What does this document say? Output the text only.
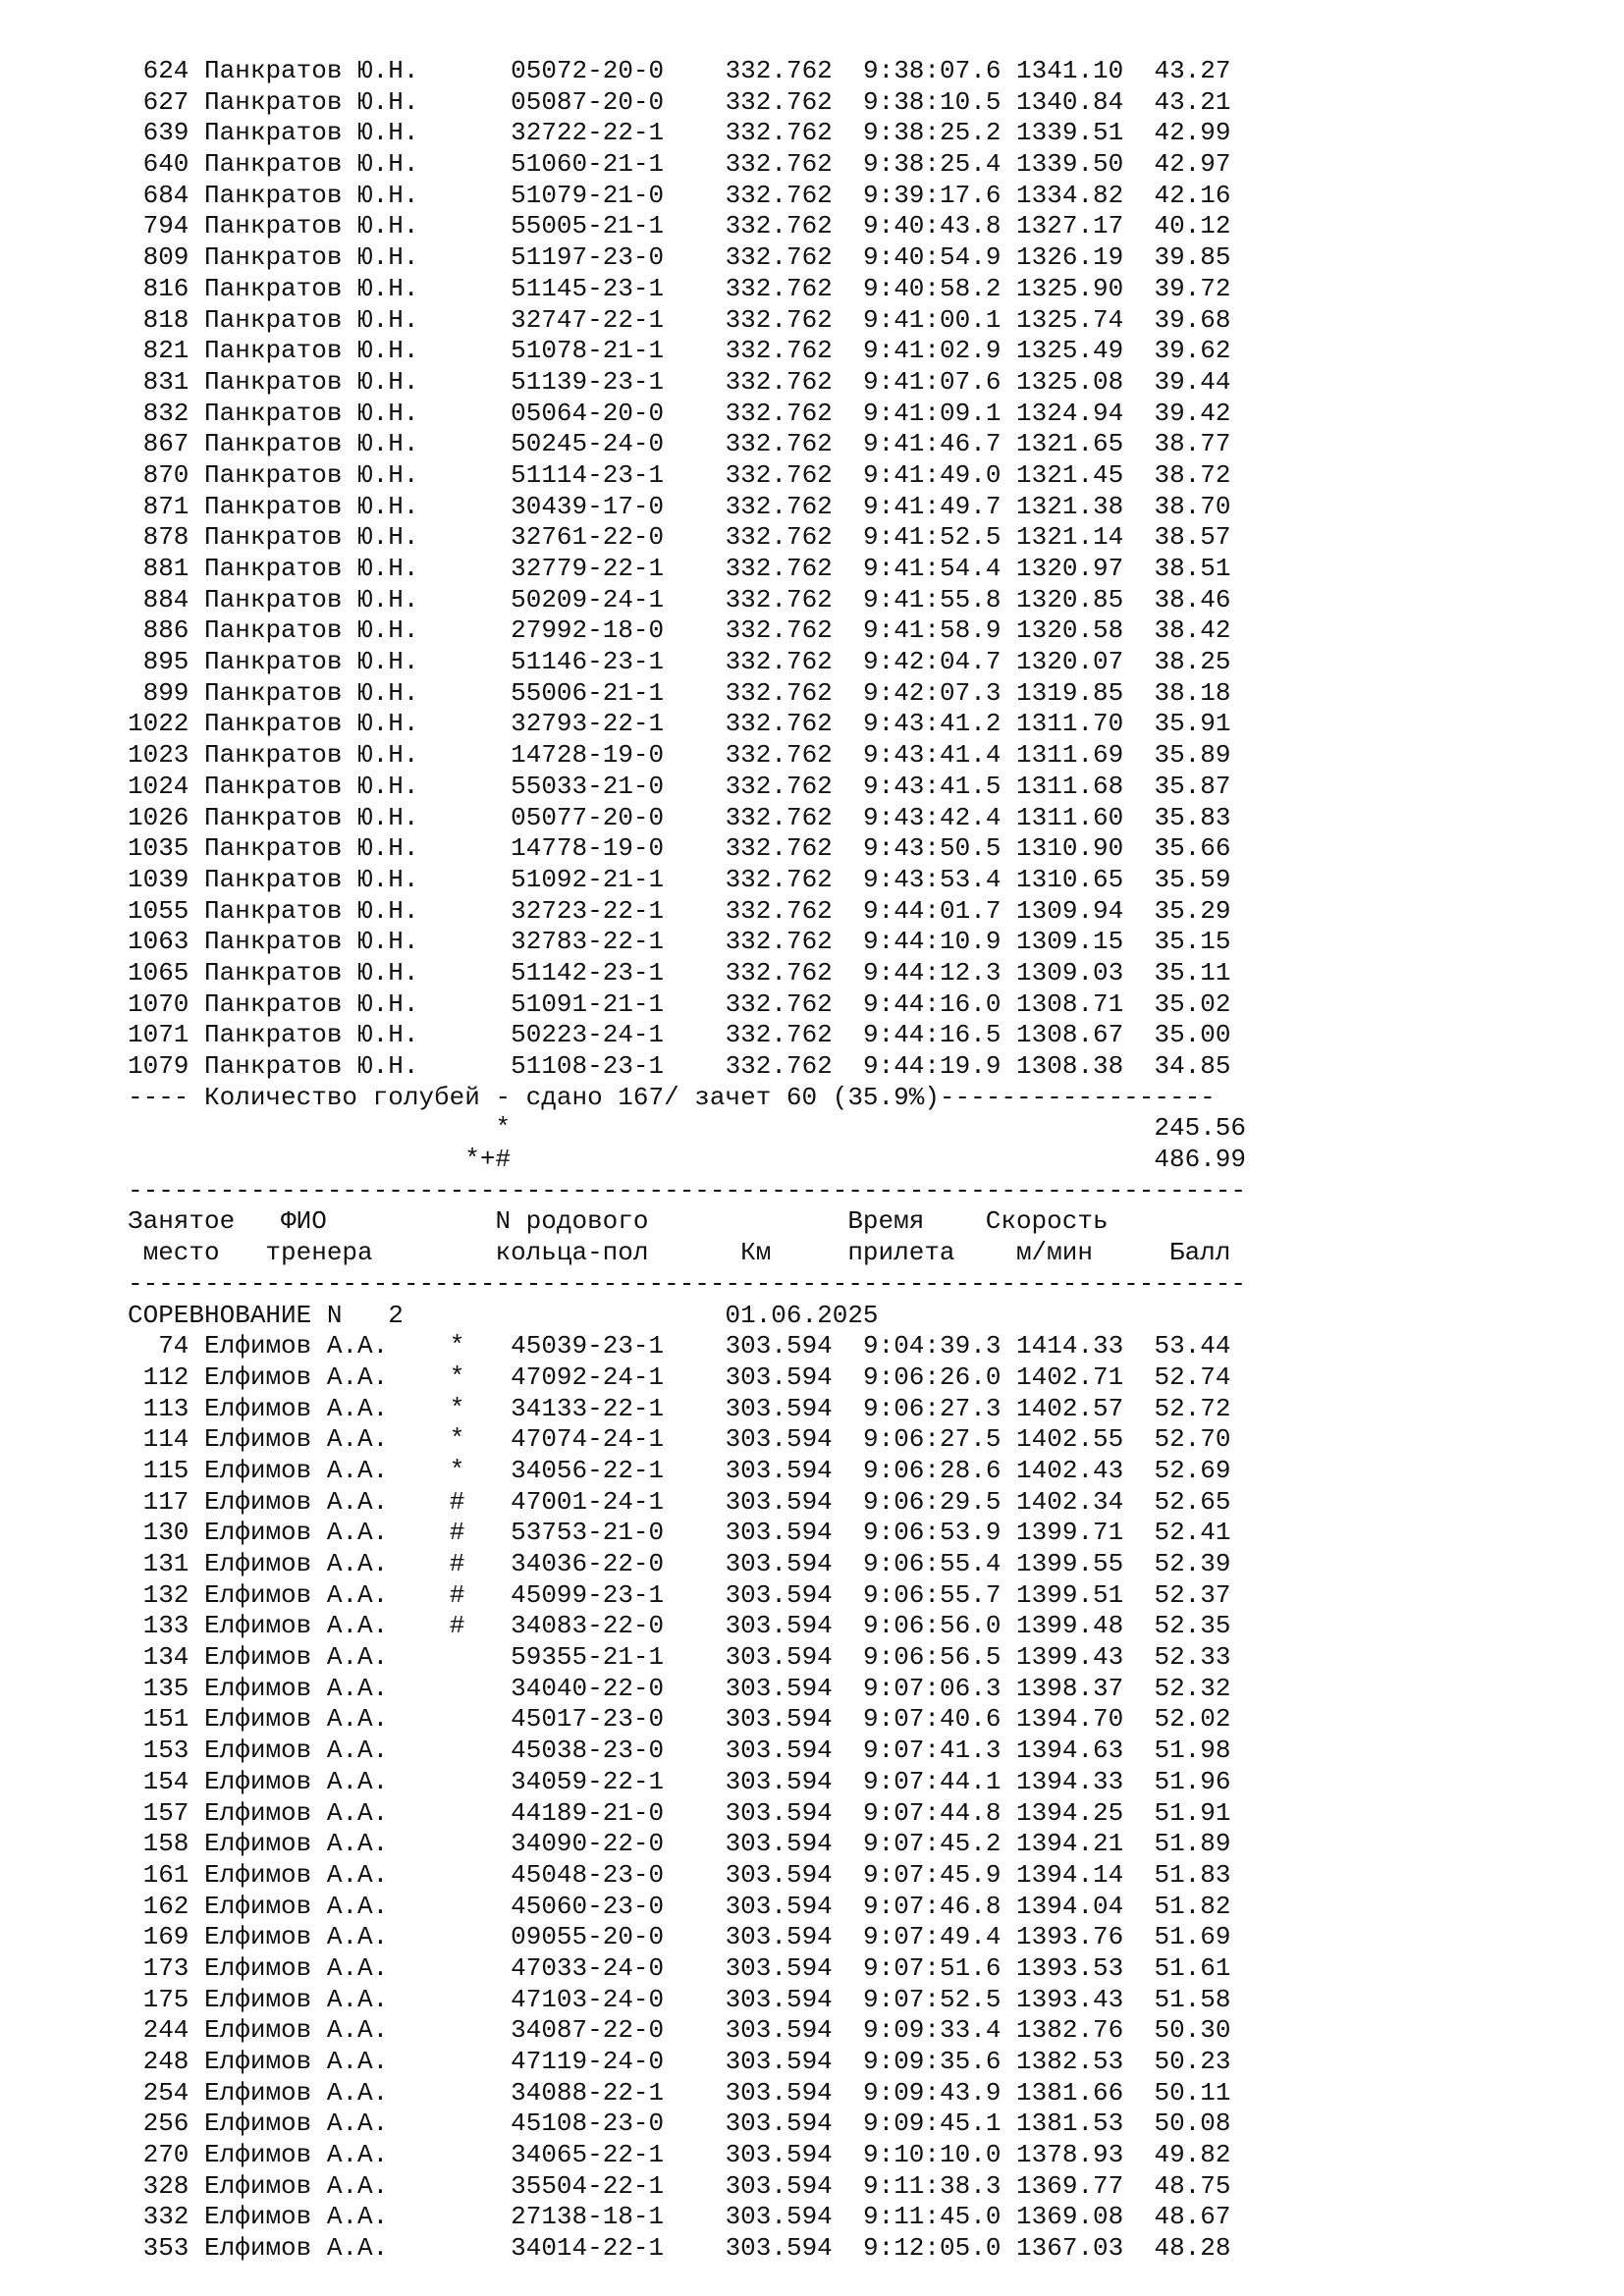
624 Панкратов Ю.Н.	05072-20-0 332.762 9:38:07.6 1341.10  43.27
627 Панкратов Ю.Н.	05087-20-0 332.762 9:38:10.5 1340.84  43.21
639 Панкратов Ю.Н.	32722-22-1 332.762 9:38:25.2 1339.51  42.99
640 Панкратов Ю.Н.	51060-21-1 332.762 9:38:25.4 1339.50  42.97
684 Панкратов Ю.Н.	51079-21-0 332.762 9:39:17.6 1334.82  42.16
794 Панкратов Ю.Н.	55005-21-1 332.762 9:40:43.8 1327.17  40.12
809 Панкратов Ю.Н.	51197-23-0 332.762 9:40:54.9 1326.19  39.85
816 Панкратов Ю.Н.	51145-23-1 332.762 9:40:58.2 1325.90  39.72
818 Панкратов Ю.Н.	32747-22-1 332.762 9:41:00.1 1325.74  39.68
821 Панкратов Ю.Н.	51078-21-1 332.762 9:41:02.9 1325.49  39.62
831 Панкратов Ю.Н.	51139-23-1 332.762 9:41:07.6 1325.08  39.44
832 Панкратов Ю.Н.	05064-20-0 332.762 9:41:09.1 1324.94  39.42
867 Панкратов Ю.Н.	50245-24-0 332.762 9:41:46.7 1321.65  38.77
870 Панкратов Ю.Н.	51114-23-1 332.762 9:41:49.0 1321.45  38.72
871 Панкратов Ю.Н.	30439-17-0 332.762 9:41:49.7 1321.38  38.70
878 Панкратов Ю.Н.	32761-22-0 332.762 9:41:52.5 1321.14  38.57
881 Панкратов Ю.Н.	32779-22-1 332.762 9:41:54.4 1320.97  38.51
884 Панкратов Ю.Н.	50209-24-1 332.762 9:41:55.8 1320.85  38.46
886 Панкратов Ю.Н.	27992-18-0 332.762 9:41:58.9 1320.58  38.42
895 Панкратов Ю.Н.	51146-23-1 332.762 9:42:04.7 1320.07  38.25
899 Панкратов Ю.Н.	55006-21-1 332.762 9:42:07.3 1319.85  38.18
1022 Панкратов Ю.Н.	32793-22-1 332.762 9:43:41.2 1311.70  35.91
1023 Панкратов Ю.Н.	14728-19-0 332.762 9:43:41.4 1311.69  35.89
1024 Панкратов Ю.Н.	55033-21-0 332.762 9:43:41.5 1311.68  35.87
1026 Панкратов Ю.Н.	05077-20-0 332.762 9:43:42.4 1311.60  35.83
1035 Панкратов Ю.Н.	14778-19-0 332.762 9:43:50.5 1310.90  35.66
1039 Панкратов Ю.Н.	51092-21-1 332.762 9:43:53.4 1310.65  35.59
1055 Панкратов Ю.Н.	32723-22-1 332.762 9:44:01.7 1309.94  35.29
1063 Панкратов Ю.Н.	32783-22-1 332.762 9:44:10.9 1309.15  35.15
1065 Панкратов Ю.Н.	51142-23-1 332.762 9:44:12.3 1309.03  35.11
1070 Панкратов Ю.Н.	51091-21-1 332.762 9:44:16.0 1308.71  35.02
1071 Панкратов Ю.Н.	50223-24-1 332.762 9:44:16.5 1308.67  35.00
1079 Панкратов Ю.Н.	51108-23-1 332.762 9:44:19.9 1308.38  34.85
---- Количество голубей - сдано 167/ зачет 60 (35.9%)------------------
*	245.56
*+#	486.99
-------------------------------------------------------------------------
Занятое   ФИО           N родового             Время    Скорость
место   тренера        кольца-пол      Км     прилета    м/мин     Балл
-------------------------------------------------------------------------
СОРЕВНОВАНИЕ N   2                     01.06.2025
74 Елфимов А.А.    * 45039-23-1 303.594 9:04:39.3 1414.33  53.44
112 Елфимов А.А.    * 47092-24-1 303.594 9:06:26.0 1402.71  52.74
113 Елфимов А.А.    * 34133-22-1 303.594 9:06:27.3 1402.57  52.72
114 Елфимов А.А.    * 47074-24-1 303.594 9:06:27.5 1402.55  52.70
115 Елфимов А.А.    * 34056-22-1 303.594 9:06:28.6 1402.43  52.69
117 Елфимов А.А.    # 47001-24-1 303.594 9:06:29.5 1402.34  52.65
130 Елфимов А.А.    # 53753-21-0 303.594 9:06:53.9 1399.71  52.41
131 Елфимов А.А.    # 34036-22-0 303.594 9:06:55.4 1399.55  52.39
132 Елфимов А.А.    # 45099-23-1 303.594 9:06:55.7 1399.51  52.37
133 Елфимов А.А.    # 34083-22-0 303.594 9:06:56.0 1399.48  52.35
134 Елфимов А.А.	59355-21-1 303.594 9:06:56.5 1399.43  52.33
135 Елфимов А.А.	34040-22-0 303.594 9:07:06.3 1398.37  52.32
151 Елфимов А.А.	45017-23-0 303.594 9:07:40.6 1394.70  52.02
153 Елфимов А.А.	45038-23-0 303.594 9:07:41.3 1394.63  51.98
154 Елфимов А.А.	34059-22-1 303.594 9:07:44.1 1394.33  51.96
157 Елфимов А.А.	44189-21-0 303.594 9:07:44.8 1394.25  51.91
158 Елфимов А.А.	34090-22-0 303.594 9:07:45.2 1394.21  51.89
161 Елфимов А.А.	45048-23-0 303.594 9:07:45.9 1394.14  51.83
162 Елфимов А.А.	45060-23-0 303.594 9:07:46.8 1394.04  51.82
169 Елфимов А.А.	09055-20-0 303.594 9:07:49.4 1393.76  51.69
173 Елфимов А.А.	47033-24-0 303.594 9:07:51.6 1393.53  51.61
175 Елфимов А.А.	47103-24-0 303.594 9:07:52.5 1393.43  51.58
244 Елфимов А.А.	34087-22-0 303.594 9:09:33.4 1382.76  50.30
248 Елфимов А.А.	47119-24-0 303.594 9:09:35.6 1382.53  50.23
254 Елфимов А.А.	34088-22-1 303.594 9:09:43.9 1381.66  50.11
256 Елфимов А.А.	45108-23-0 303.594 9:09:45.1 1381.53  50.08
270 Елфимов А.А.	34065-22-1 303.594 9:10:10.0 1378.93  49.82
328 Елфимов А.А.	35504-22-1 303.594 9:11:38.3 1369.77  48.75
332 Елфимов А.А.	27138-18-1 303.594 9:11:45.0 1369.08  48.67
353 Елфимов А.А.	34014-22-1 303.594 9:12:05.0 1367.03  48.28
